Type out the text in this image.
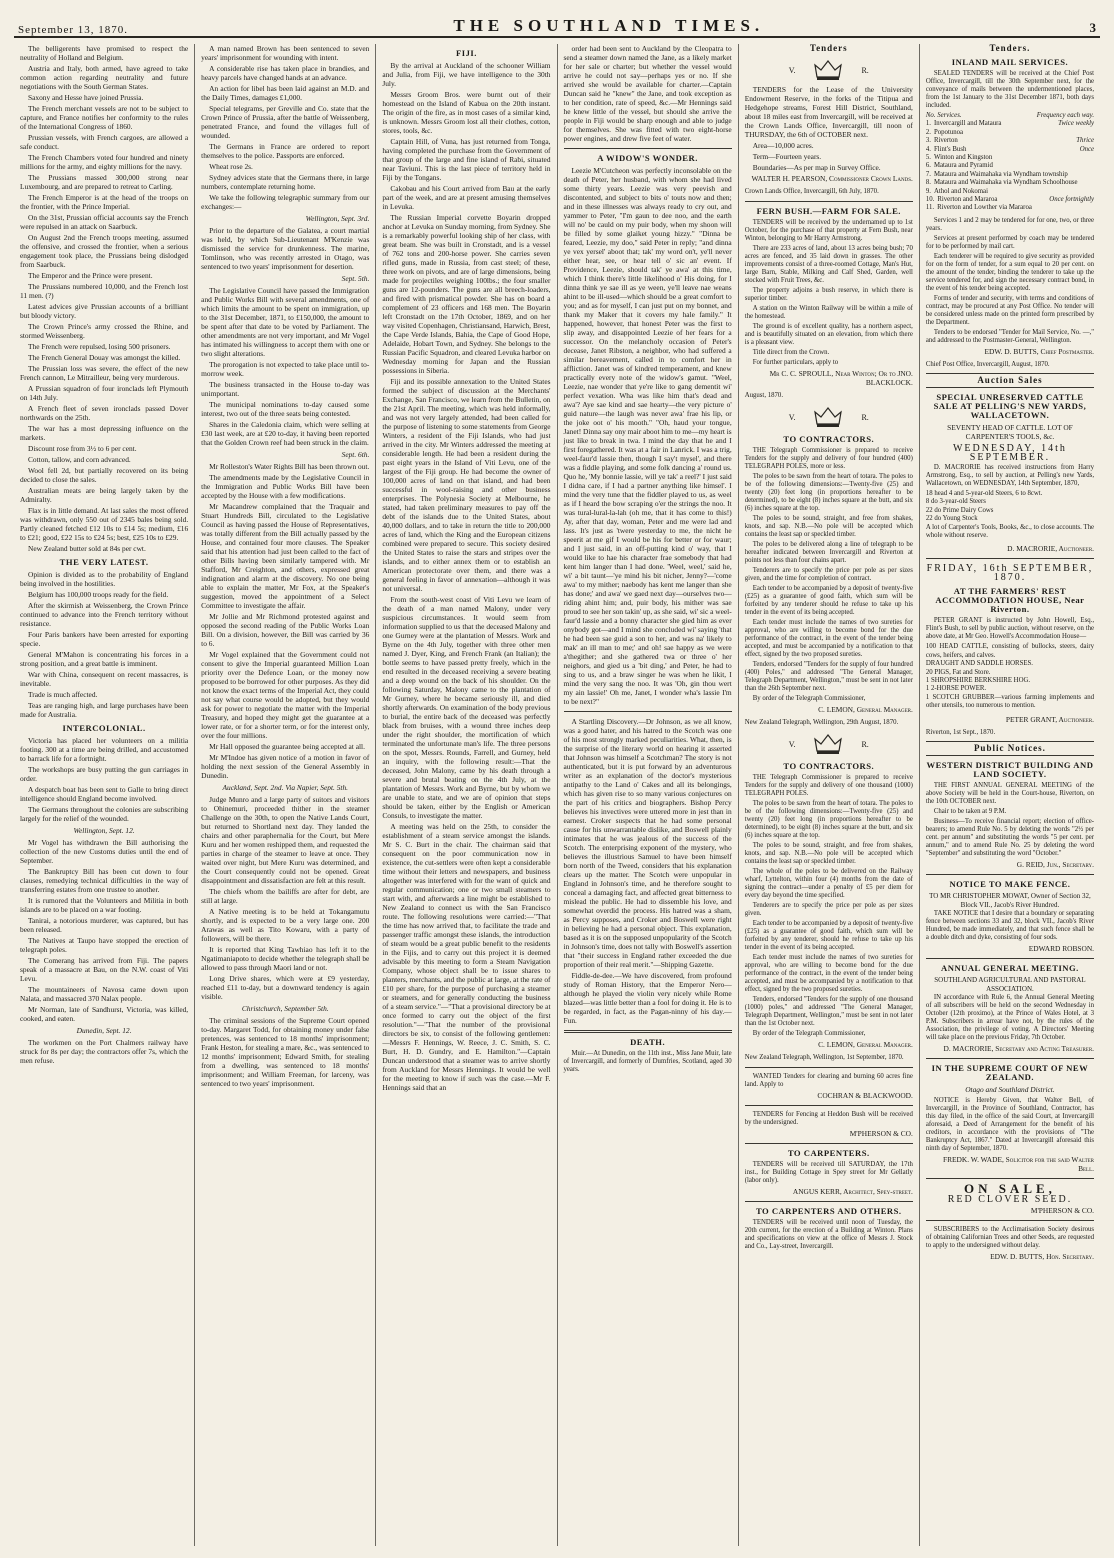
September 13, 1870.	THE SOUTHLAND TIMES.	3

The belligerents have promised to respect the neutrality of Holland and Belgium.

Austria and Italy, both armed, have agreed to take common action regarding neutrality and future negotiations with the South German States.

Saxony and Hesse have joined Prussia.

The French merchant vessels are not to be subject to capture, and France notifies her conformity to the rules of the International Congress of 1860.

Prussian vessels, with French cargoes, are allowed a safe conduct.

The French Chambers voted four hundred and ninety millions for the army, and eighty millions for the navy.

The Prussians massed 300,000 strong near Luxembourg, and are prepared to retreat to Carling.

The French Emperor is at the head of the troops on the frontier, with the Prince Imperial.

On the 31st, Prussian official accounts say the French were repulsed in an attack on Saarbuck.

On August 2nd the French troops meeting, assumed the offensive, and crossed the frontier, when a serious engagement took place, the Prussians being dislodged from Saarbuck.

The Emperor and the Prince were present.

The Prussians numbered 10,000, and the French lost 11 men. (?)

Latest advices give Prussian accounts of a brilliant but bloody victory.

The Crown Prince's army crossed the Rhine, and stormed Weissenberg.

The French were repulsed, losing 500 prisoners.

The French General Douay was amongst the killed.

The Prussian loss was severe, the effect of the new French cannon, Le Mitrailleur, being very murderous.

A Prussian squadron of four ironclads left Plymouth on 14th July.

A French fleet of seven ironclads passed Dover northwards on the 25th.

The war has a most depressing influence on the markets.

Discount rose from 3½ to 6 per cent.

Cotton, tallow, and corn advanced.

Wool fell 2d, but partially recovered on its being decided to close the sales.

Australian meats are being largely taken by the Admiralty.

Flax is in little demand. At last sales the most offered was withdrawn, only 550 out of 2345 bales being sold. Partly cleaned fetched £12 10s to £14 5s; medium, £16 to £21; good, £22 15s to £24 5s; best, £25 10s to £29.

New Zealand butter sold at 84s per cwt.

THE VERY LATEST.

Opinion is divided as to the probability of England being involved in the hostilities.

Belgium has 100,000 troops ready for the field.

After the skirmish at Weissenberg, the Crown Prince continued to advance into the French territory without resistance.

Four Paris bankers have been arrested for exporting specie.

General M'Mahon is concentrating his forces in a strong position, and a great battle is imminent.

War with China, consequent on recent massacres, is inevitable.

Trade is much affected.

Teas are ranging high, and large purchases have been made for Australia.

INTERCOLONIAL.

Victoria has placed her volunteers on a militia footing. 300 at a time are being drilled, and accustomed to barrack life for a fortnight.

The workshops are busy putting the gun carriages in order.

A despatch boat has been sent to Galle to bring direct intelligence should England become involved.

The Germans throughout the colonies are subscribing largely for the relief of the wounded.

Wellington, Sept. 12.

Mr Vogel has withdrawn the Bill authorising the collection of the new Customs duties until the end of September.

The Bankruptcy Bill has been cut down to four clauses, remedying technical difficulties in the way of transferring estates from one trustee to another.

It is rumored that the Volunteers and Militia in both islands are to be placed on a war footing.

Tanirai, a notorious murderer, was captured, but has been released.

The Natives at Taupo have stopped the erection of telegraph poles.

The Comerang has arrived from Fiji. The papers speak of a massacre at Bau, on the N.W. coast of Viti Levu.

The mountaineers of Navosa came down upon Nalata, and massacred 370 Nalax people.

Mr Norman, late of Sandhurst, Victoria, was killed, cooked, and eaten.

Dunedin, Sept. 12.

The workmen on the Port Chalmers railway have struck for 8s per day; the contractors offer 7s, which the men refuse.

A man named Brown has been sentenced to seven years' imprisonment for wounding with intent.

A considerable rise has taken place in brandies, and heavy parcels have changed hands at an advance.

An action for libel has been laid against an M.D. and the Daily Times, damages £1,000.

Special telegrams, per Greville and Co. state that the Crown Prince of Prussia, after the battle of Weissenberg, penetrated France, and found the villages full of wounded.

The Germans in France are ordered to report themselves to the police. Passports are enforced.

Wheat rose 2s.

Sydney advices state that the Germans there, in large numbers, contemplate returning home.

We take the following telegraphic summary from our exchanges:—

Wellington, Sept. 3rd.

Prior to the departure of the Galatea, a court martial was held, by which Sub-Lieutenant M'Kenzie was dismissed the service for drunkenness. The marine, Tomlinson, who was recently arrested in Otago, was sentenced to two years' imprisonment for desertion.

Sept. 5th.

The Legislative Council have passed the Immigration and Public Works Bill with several amendments, one of which limits the amount to be spent on immigration, up to the 31st December, 1871, to £150,000, the amount to be spent after that date to be voted by Parliament. The other amendments are not very important, and Mr Vogel has intimated his willingness to accept them with one or two slight alterations.

The prorogation is not expected to take place until to-morrow week.

The business transacted in the House to-day was unimportant.

The municipal nominations to-day caused some interest, two out of the three seats being contested.

Shares in the Caledonia claim, which were selling at £30 last week, are at £20 to-day, it having been reported that the Golden Crown reef had been struck in the claim.

Sept. 6th.

Mr Rolleston's Water Rights Bill has been thrown out.

The amendments made by the Legislative Council in the Immigration and Public Works Bill have been accepted by the House with a few modifications.

Mr Macandrew complained that the Traquair and Stuart Hundreds Bill, circulated to the Legislative Council as having passed the House of Representatives, was totally different from the Bill actually passed by the House, and contained four more clauses. The Speaker said that his attention had just been called to the fact of other Bills having been similarly tampered with. Mr Stafford, Mr Creighton, and others, expressed great indignation and alarm at the discovery. No one being able to explain the matter, Mr Fox, at the Speaker's suggestion, moved the appointment of a Select Committee to investigate the affair.

Mr Jollie and Mr Richmond protested against and opposed the second reading of the Public Works Loan Bill. On a division, however, the Bill was carried by 36 to 6.

Mr Vogel explained that the Government could not consent to give the Imperial guaranteed Million Loan priority over the Defence Loan, or the money now proposed to be borrowed for other purposes. As they did not know the exact terms of the Imperial Act, they could not say what course would be adopted, but they would ask for power to negotiate the matter with the Imperial Treasury, and hoped they might get the guarantee at a lower rate, or for a shorter term, or for the interest only, over the four millions.

Mr Hall opposed the guarantee being accepted at all.

Mr M'Indoe has given notice of a motion in favor of holding the next session of the General Assembly in Dunedin.

Auckland, Sept. 2nd. Via Napier, Sept. 5th.

Judge Munro and a large party of suitors and visitors to Ohinemuri, proceeded thither in the steamer Challenge on the 30th, to open the Native Lands Court, but returned to Shortland next day. They landed the chairs and other paraphernalia for the Court, but Mere Kuru and her women reshipped them, and requested the parties in charge of the steamer to leave at once. They waited over night, but Mere Kuru was determined, and the Court consequently could not be opened. Great disappointment and dissatisfaction are felt at this result.

The chiefs whom the bailiffs are after for debt, are still at large.

A Native meeting is to be held at Tokangamutu shortly, and is expected to be a very large one. 200 Arawas as well as Tito Kowaru, with a party of followers, will be there.

It is reported that King Tawhiao has left it to the Ngatimaniapoto to decide whether the telegraph shall be allowed to pass through Maori land or not.

Long Drive shares, which were at £9 yesterday, reached £11 to-day, but a downward tendency is again visible.

Christchurch, September 5th.

The criminal sessions of the Supreme Court opened to-day. Margaret Todd, for obtaining money under false pretences, was sentenced to 18 months' imprisonment; Frank Heston, for stealing a mare, &c., was sentenced to 12 months' imprisonment; Edward Smith, for stealing from a dwelling, was sentenced to 18 months' imprisonment; and William Freeman, for larceny, was sentenced to two years' imprisonment.

FIJI.

By the arrival at Auckland of the schooner William and Julia, from Fiji, we have intelligence to the 30th July.

Messrs Groom Bros. were burnt out of their homestead on the Island of Kabua on the 20th instant. The origin of the fire, as in most cases of a similar kind, is unknown. Messrs Groom lost all their clothes, cotton, stores, tools, &c.

Captain Hill, of Vuna, has just returned from Tonga, having completed the purchase from the Government of that group of the large and fine island of Rabi, situated near Taviuni. This is the last piece of territory held in Fiji by the Tongans.

Cakobau and his Court arrived from Bau at the early part of the week, and are at present amusing themselves in Levuka.

The Russian Imperial corvette Boyarin dropped anchor at Levuka on Sunday morning, from Sydney. She is a remarkably powerful looking ship of her class, with great beam. She was built in Cronstadt, and is a vessel of 762 tons and 200-horse power. She carries seven rifled guns, made in Russia, from cast steel; of these, three work on pivots, and are of large dimensions, being made for projectiles weighing 100lbs.; the four smaller guns are 12-pounders. The guns are all breech-loaders, and fired with prismatical powder. She has on board a complement of 23 officers and 168 men. The Boyarin left Cronstadt on the 17th October, 1869, and on her way visited Copenhagen, Christiansand, Harwich, Brest, the Cape Verde Islands, Bahia, the Cape of Good Hope, Adelaide, Hobart Town, and Sydney. She belongs to the Russian Pacific Squadron, and cleared Levuka harbor on Wednesday morning for Japan and the Russian possessions in Siberia.

Fiji and its possible annexation to the United States formed the subject of discussion at the Merchants' Exchange, San Francisco, we learn from the Bulletin, on the 21st April. The meeting, which was held informally, and was not very largely attended, had been called for the purpose of listening to some statements from George Winters, a resident of the Fiji Islands, who had just arrived in the city. Mr Winters addressed the meeting at considerable length. He had been a resident during the past eight years in the Island of Viti Levu, one of the largest of the Fiji group. He had become the owner of 100,000 acres of land on that island, and had been successful in wool-raising and other business enterprises. The Polynesia Society at Melbourne, he stated, had taken preliminary measures to pay off the debt of the islands due to the United States, about 40,000 dollars, and to take in return the title to 200,000 acres of land, which the King and the European citizens combined were prepared to secure. This society desired the United States to raise the stars and stripes over the islands, and to either annex them or to establish an American protectorate over them, and there was a general feeling in favor of annexation—although it was not universal.

From the south-west coast of Viti Levu we learn of the death of a man named Malony, under very suspicious circumstances. It would seem from information supplied to us that the deceased Malony and one Gurney were at the plantation of Messrs. Work and Byrne on the 4th July, together with three other men named J. Dyer, King, and French Frank (an Italian); the bottle seems to have passed pretty freely, which in the end resulted in the deceased receiving a severe beating and a deep wound on the back of his shoulder. On the following Saturday, Malony came to the plantation of Mr Gurney, where he became seriously ill, and died shortly afterwards. On examination of the body previous to burial, the entire back of the deceased was perfectly black from bruises, with a wound three inches deep under the right shoulder, the mortification of which terminated the unfortunate man's life. The three persons on the spot, Messrs. Rounds, Farrell, and Gurney, held an inquiry, with the following result:—That the deceased, John Malony, came by his death through a severe and brutal beating on the 4th July, at the plantation of Messrs. Work and Byrne, but by whom we are unable to state, and we are of opinion that steps should be taken, either by the English or American Consuls, to investigate the matter.

A meeting was held on the 25th, to consider the establishment of a steam service amongst the islands. Mr S. C. Burt in the chair. The chairman said that consequent on the poor communication now in existence, the cut-settlers were often kept a considerable time without their letters and newspapers, and business altogether was interfered with for the want of quick and regular communication; one or two small steamers to start with, and afterwards a line might be established to New Zealand to connect us with the San Francisco route. The following resolutions were carried:—"That the time has now arrived that, to facilitate the trade and passenger traffic amongst these islands, the introduction of steam would be a great public benefit to the residents in the Fijis, and to carry out this project it is deemed advisable by this meeting to form a Steam Navigation Company, whose object shall be to issue shares to planters, merchants, and the public at large, at the rate of £10 per share, for the purpose of purchasing a steamer or steamers, and for generally conducting the business of a steam service."—"That a provisional directory be at once formed to carry out the object of the first resolution."—"That the number of the provisional directors be six, to consist of the following gentlemen:—Messrs F. Hennings, W. Reece, J. C. Smith, S. C. Burt, H. D. Gundry, and E. Hamilton."—Captain Duncan understood that a steamer was to arrive shortly from Auckland for Messrs Hennings. It would be well for the meeting to know if such was the case.—Mr F. Hennings said that an

order had been sent to Auckland by the Cleopatra to send a steamer down named the Jane, as a likely market for her sale or charter; but whether the vessel would arrive he could not say—perhaps yes or no. If she arrived she would be available for charter.—Captain Duncan said he "knew" the Jane, and took exception as to her condition, rate of speed, &c.—Mr Hennings said he knew little of the vessel, but should she arrive the people in Fiji would be sharp enough and able to judge for themselves. She was fitted with two eight-horse power engines, and drew five feet of water.

A WIDOW'S WONDER.

Leezie M'Cutcheon was perfectly inconsolable on the death of Peter, her husband, with whom she had lived some thirty years. Leezie was very peevish and discontented, and subject to bits o' touts now and then; and in these illnesses was always ready to cry out, and yammer to Peter, "I'm gaun to dee noo, and the earth will no' be cauld on my puir body, when my shoon will be filled by some glaiket young hizzy." "Dinna be feared, Leezie, my doo," said Peter in reply; "and dinna ye vex yersel' aboot that; tak' my word on't, ye'll never either hear, see, or hear tell o' sic an' event. If Providence, Leezie, should tak' ye awa' at this time, which I think there's little likelihood o' His doing, for I dinna think ye sae ill as ye ween, ye'll leave nae weans ahint to be ill-used—which should be a great comfort to you; and as for myself, I can just put on my bonnet, and thank my Maker that it covers my hale family." It happened, however, that honest Peter was the first to slip away, and disappointed Leezie of her fears for a successor. On the melancholy occasion of Peter's decease, Janet Ribston, a neighbor, who had suffered a similar bereavement, called in to comfort her in affliction. Janet was of kindred temperament, and knew practically every note of the widow's gamut. "Weel, Leezie, nae wonder that ye're like to gang dementit wi' perfect vexation. Wha was like him that's dead and awa'? Aye sae kind and sae hearty—the very picture o' guid nature—the laugh was never awa' frae his lip, or the joke oot o' his mooth." "Oh, haud your tongue, Janet! Dinna say ony mair aboot him to me—my heart is just like to break in twa. I mind the day that he and I first foregathered. It was at a fair in Lanrick. I was a trig, weel-faur'd lassie then, though I say't mysel', and there was a fiddle playing, and some folk dancing a' round us. Quo he, 'My bonnie lassie, will ye tak' a reel?' I just said I didna care, if I had a partner anything like himsel'. I mind the very tune that the fiddler played to us, as weel as if I heard the bow scraping o'er the strings the noo. It was tural-lural-la-lah (oh me, that it has come to this!) Ay, after that day, woman, Peter and me were lad and lass. It's just as 'twere yesterday to me, the nicht he speerit at me gif I would be his for better or for waur; and I just said, in an off-putting kind o' way, that I would like to hae his character frae somebody that had kent him langer than I had done. 'Weel, weel,' said he, wi' a bit taunt—'ye mind his bit nicher, Jenny?—'come awa' to my mither; naebody has kent me langer than she has done;' and awa' we gaed next day—ourselves two—riding ahint him; and, puir body, his mither was sae proud to see her son takin' up, as she said, wi' sic a weel-faur'd lassie and a bonny character she gied him as ever onybody got—and I mind she concluded wi' saying 'that he had been sae guid a son to her, and was na' likely to mak' an ill man to me;' and oh! sae happy as we were a'thegither; and she gathered twa or three o' her neighors, and gied us a 'bit ding,' and Peter, he had to sing to us, and a braw singer he was when he likit, I mind the very sang the noo. It was 'Oh, gin thou wert my ain lassie!' Oh me, Janet, I wonder wha's lassie I'm to be next?"

A Startling Discovery.—Dr Johnson, as we all know, was a good hater, and his hatred to the Scotch was one of his most strongly marked peculiarities. What, then, is the surprise of the literary world on hearing it asserted that Johnson was himself a Scotchman? The story is not authenticated, but it is put forward by an adventurous writer as an explanation of the doctor's mysterious antipathy to the Land o' Cakes and all its belongings, which has given rise to so many various conjectures on the part of his critics and biographers. Bishop Percy believes his invectives were uttered more in jest than in earnest. Croker suspects that he had some personal cause for his unwarrantable dislike, and Boswell plainly intimates that he was jealous of the success of the Scotch. The enterprising exponent of the mystery, who believes the illustrious Samuel to have been himself born north of the Tweed, considers that his explanation clears up the matter. The Scotch were unpopular in England in Johnson's time, and he therefore sought to conceal a damaging fact, and affected great bitterness to mislead the public. He had to dissemble his love, and somewhat overdid the process. His hatred was a sham, as Percy supposes, and Croker and Boswell were right in believing he had a personal object. This explanation, based as it is on the supposed unpopularity of the Scotch in Johnson's time, does not tally with Boswell's assertion that "their success in England rather exceeded the due proportion of their real merit."—Shipping Gazette.

Fiddle-de-dee.—We have discovered, from profound study of Roman History, that the Emperor Nero—although he played the violin very nicely while Rome blazed—was little better than a fool for doing it. He is to be regarded, in fact, as the Pagan-ninny of his day.—Fun.

DEATH.

Muir.—At Dunedin, on the 11th inst., Miss Jane Muir, late of Invercargill, and formerly of Dumfries, Scotland, aged 30 years.

Tenders
V.	R.

TENDERS for the Lease of the University Endowment Reserve, in the forks of the Titipua and Hedgehope streams, Forest Hill District, Southland, about 18 miles east from Invercargill, will be received at the Crown Lands Office, Invercargill, till noon of THURSDAY, the 6th of OCTOBER next.

Area—10,000 acres.

Term—Fourteen years.

Boundaries—As per map in Survey Office.

WALTER H. PEARSON, Commissioner Crown Lands.
Crown Lands Office, Invercargill, 6th July, 1870.
FERN BUSH.—FARM FOR SALE.

TENDERS will be received by the undernamed up to 1st October, for the purchase of that property at Fern Bush, near Winton, belonging to Mr Harry Armstrong.

There are 233 acres of land, about 13 acres being bush; 70 acres are fenced, and 35 laid down in grasses. The other improvements consist of a three-roomed Cottage, Man's Hut, large Barn, Stable, Milking and Calf Shed, Garden, well stocked with Fruit Trees, &c.

The property adjoins a bush reserve, in which there is superior timber.

A station on the Winton Railway will be within a mile of the homestead.

The ground is of excellent quality, has a northern aspect, and is beautifully situated on an elevation, from which there is a pleasant view.

Title direct from the Crown.

For further particulars, apply to

Mr C. C. SPROULL, Near Winton; Or to JNO. BLACKLOCK.
August, 1870.
V.	R.
TO CONTRACTORS.

THE Telegraph Commissioner is prepared to receive Tenders for the supply and delivery of four hundred (400) TELEGRAPH POLES, more or less.

The poles to be sawn from the heart of totara. The poles to be of the following dimensions:—Twenty-five (25) and twenty (20) feet long (in proportions hereafter to be determined), to be eight (8) inches square at the butt, and six (6) inches square at the top.

The poles to be sound, straight, and free from shakes, knots, and sap. N.B.—No pole will be accepted which contains the least sap or speckled timber.

The poles to be delivered along a line of telegraph to be hereafter indicated between Invercargill and Riverton at points not less than four chains apart.

Tenderers are to specify the price per pole as per sizes given, and the time for completion of contract.

Each tender to be accompanied by a deposit of twenty-five (£25) as a guarantee of good faith, which sum will be forfeited by any tenderer should he refuse to take up his tender in the event of its being accepted.

Each tender must include the names of two sureties for approval, who are willing to become bond for the due performance of the contract, in the event of the tender being accepted, and must be accompanied by a notification to that effect, signed by the two proposed sureties.

Tenders, endorsed "Tenders for the supply of four hundred (400) Poles," and addressed "The General Manager, Telegraph Department, Wellington," must be sent in not later than the 26th September next.

By order of the Telegraph Commissioner,

C. LEMON, General Manager.
New Zealand Telegraph, Wellington, 29th August, 1870.
V.	R.
TO CONTRACTORS.

THE Telegraph Commissioner is prepared to receive Tenders for the supply and delivery of one thousand (1000) TELEGRAPH POLES.

The poles to be sawn from the heart of totara. The poles to be of the following dimensions:—Twenty-five (25) and twenty (20) feet long (in proportions hereafter to be determined), to be eight (8) inches square at the butt, and six (6) inches square at the top.

The poles to be sound, straight, and free from shakes, knots, and sap. N.B.—No pole will be accepted which contains the least sap or speckled timber.

The whole of the poles to be delivered on the Railway wharf, Lyttelton, within four (4) months from the date of signing the contract—under a penalty of £5 per diem for every day beyond the time specified.

Tenderers are to specify the price per pole as per sizes given.

Each tender to be accompanied by a deposit of twenty-five (£25) as a guarantee of good faith, which sum will be forfeited by any tenderer, should he refuse to take up his tender in the event of its being accepted.

Each tender must include the names of two sureties for approval, who are willing to become bond for the due performance of the contract, in the event of the tender being accepted, and must be accompanied by a notification to that effect, signed by the two proposed sureties.

Tenders, endorsed "Tenders for the supply of one thousand (1000) poles," and addressed "The General Manager, Telegraph Department, Wellington," must be sent in not later than the 1st October next.

By order of the Telegraph Commissioner,

C. LEMON, General Manager.
New Zealand Telegraph, Wellington, 1st September, 1870.

WANTED Tenders for clearing and burning 60 acres fine land. Apply to

COCHRAN & BLACKWOOD.

TENDERS for Fencing at Heddon Bush will be received by the undersigned.

M'PHERSON & CO.
TO CARPENTERS.

TENDERS will be received till SATURDAY, the 17th inst., for Building Cottage in Spey street for Mr Gellatly (labor only).

ANGUS KERR, Architect, Spey-street.
TO CARPENTERS AND OTHERS.

TENDERS will be received until noon of Tuesday, the 20th current, for the erection of a Building at Winton. Plans and specifications on view at the office of Messrs J. Stock and Co., Lay-street, Invercargill.

Tenders.
INLAND MAIL SERVICES.

SEALED TENDERS will be received at the Chief Post Office, Invercargill, till the 30th September next, for the conveyance of mails between the undermentioned places, from the 1st January to the 31st December 1871, both days included.

No. Services.	Frequency each way.
1. Invercargill and Mataura	Twice weekly
2. Popotunoa
3. Riverton	Thrice
4. Flint's Bush	Once
5. Winton and Kingston
6. Mataura and Pyramid
7. Mataura and Waimahaka via Wyndham township
8. Mataura and Waimahaka via Wyndham Schoolhouse
9. Athol and Nokomai
10. Riverton and Mararoa	Once fortnightly
11. Riverton and Lowther via Mararoa

Services 1 and 2 may be tendered for for one, two, or three years.

Services at present performed by coach may be tendered for to be performed by mail cart.

Each tenderer will be required to give security as provided for on the form of tender, for a sum equal to 20 per cent. on the amount of the tender, binding the tenderer to take up the service tendered for, and sign the necessary contract bond, in the event of his tender being accepted.

Forms of tender and security, with terms and conditions of contract, may be procured at any Post Office. No tender will be considered unless made on the printed form prescribed by the Department.

Tenders to be endorsed "Tender for Mail Service, No. —," and addressed to the Postmaster-General, Wellington.

EDW. D. BUTTS, Chief Postmaster.
Chief Post Office, Invercargill, August, 1870.
Auction Sales
SPECIAL UNRESERVED CATTLE SALE AT PELLING'S NEW YARDS, WALLACETOWN.
SEVENTY HEAD OF CATTLE. LOT OF CARPENTER'S TOOLS, &c.
WEDNESDAY, 14th SEPTEMBER.

D. MACRORIE has received instructions from Harry Armstrong, Esq., to sell by auction, at Pelling's new Yards, Wallacetown, on WEDNESDAY, 14th September, 1870,

18 head 4 and 5-year-old Steers, 6 to 8cwt.
8 do 3-year-old Steers
22 do Prime Dairy Cows
22 do Young Stock
A lot of Carpenter's Tools, Books, &c., to close accounts. The whole without reserve.
D. MACRORIE, Auctioneer.
FRIDAY, 16th SEPTEMBER, 1870.
AT THE FARMERS' REST ACCOMMODATION HOUSE, Near Riverton.

PETER GRANT is instructed by John Howell, Esq., Flint's Bush, to sell by public auction, without reserve, on the above date, at Mr Geo. Howell's Accommodation House—

100 HEAD CATTLE, consisting of bullocks, steers, dairy cows, heifers, and calves.
DRAUGHT AND SADDLE HORSES.
20 PIGS, Fat and Store.
1 SHROPSHIRE BERKSHIRE HOG.
1 2-HORSE POWER.
1 SCOTCH GRUBBER—various farming implements and other utensils, too numerous to mention.
PETER GRANT, Auctioneer.
Riverton, 1st Sept., 1870.
Public Notices.
WESTERN DISTRICT BUILDING AND LAND SOCIETY.

THE FIRST ANNUAL GENERAL MEETING of the above Society will be held in the Court-house, Riverton, on the 10th OCTOBER next.

Chair to be taken at 9 P.M.

Business—To receive financial report; election of office-bearers; to amend Rule No. 5 by deleting the words "2½ per cent. per annum" and substituting the words "5 per cent. per annum," and to amend Rule No. 25 by deleting the word "September" and substituting the word "October."

G. REID, Jun., Secretary.
NOTICE TO MAKE FENCE.
TO MR CHRISTOPHER MOWAT, Owner of Section 32, Block VII., Jacob's River Hundred.

TAKE NOTICE that I desire that a boundary or separating fence between sections 33 and 32, block VII., Jacob's River Hundred, be made immediately, and that such fence shall be a double ditch and dyke, consisting of four sods.

EDWARD ROBSON.
ANNUAL GENERAL MEETING.
SOUTHLAND AGRICULTURAL AND PASTORAL ASSOCIATION.

IN accordance with Rule 6, the Annual General Meeting of all subscribers will be held on the second Wednesday in October (12th proximo), at the Prince of Wales Hotel, at 3 P.M. Subscribers in arrear have not, by the rules of the Association, the privilege of voting. A Directors' Meeting will take place on the previous Friday, 7th October.

D. MACRORIE, Secretary and Acting Treasurer.
IN THE SUPREME COURT OF NEW ZEALAND.
Otago and Southland District.

NOTICE is Hereby Given, that Walter Bell, of Invercargill, in the Province of Southland, Contractor, has this day filed, in the office of the said Court, at Invercargill aforesaid, a Deed of Arrangement for the benefit of his creditors, in accordance with the provisions of "The Bankruptcy Act, 1867." Dated at Invercargill aforesaid this ninth day of September, 1870.

FREDK. W. WADE, Solicitor for the said Walter Bell.
ON SALE,
RED CLOVER SEED.
M'PHERSON & CO.

SUBSCRIBERS to the Acclimatisation Society desirous of obtaining Californian Trees and other Seeds, are requested to apply to the undersigned without delay.

EDW. D. BUTTS, Hon. Secretary.
